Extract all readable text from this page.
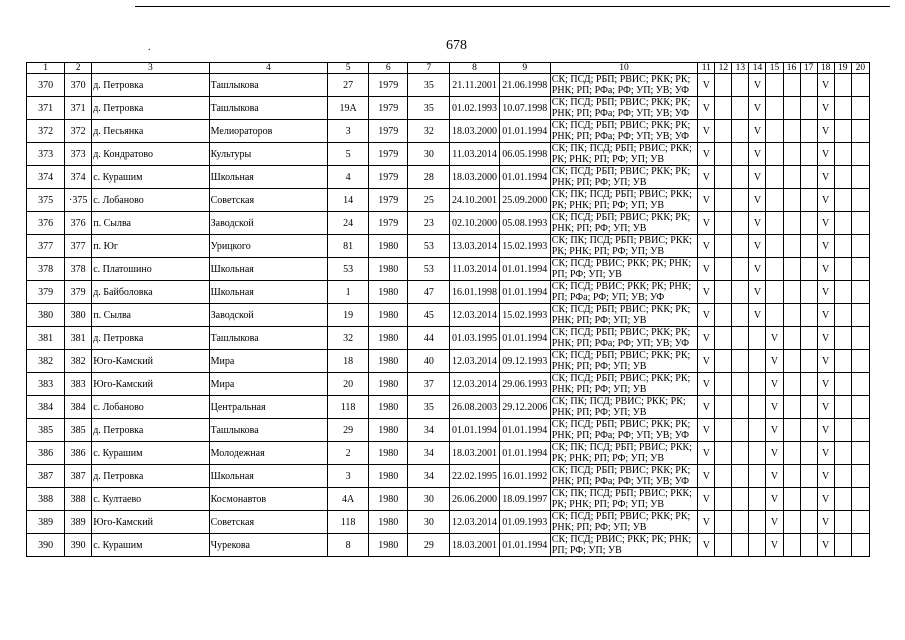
.	678
1	2	3	4	5	6	7	8	9	10	11	12	13	14	15	16	17	18	19	20
370	370	д. Петровка	Ташлыкова	27	1979	35	21.11.2001	21.06.1998	СК; ПСД; РБП; РВИС; РКК; РК; РНК; РП; РФа; РФ; УП; УВ; УФ	V			V				V		
371	371	д. Петровка	Ташлыкова	19А	1979	35	01.02.1993	10.07.1998	СК; ПСД; РБП; РВИС; РКК; РК; РНК; РП; РФа; РФ; УП; УВ; УФ	V			V				V		
372	372	д. Песьянка	Мелиораторов	3	1979	32	18.03.2000	01.01.1994	СК; ПСД; РБП; РВИС; РКК; РК; РНК; РП; РФа; РФ; УП; УВ; УФ	V			V				V		
373	373	д. Кондратово	Культуры	5	1979	30	11.03.2014	06.05.1998	СК; ПК; ПСД; РБП; РВИС; РКК; РК; РНК; РП; РФ; УП; УВ	V			V				V		
374	374	с. Курашим	Школьная	4	1979	28	18.03.2000	01.01.1994	СК; ПСД; РБП; РВИС; РКК; РК; РНК; РП; РФ; УП; УВ	V			V				V		
375	·375	с. Лобаново	Советская	14	1979	25	24.10.2001	25.09.2000	СК; ПК; ПСД; РБП; РВИС; РКК; РК; РНК; РП; РФ; УП; УВ	V			V				V		
376	376	п. Сылва	Заводской	24	1979	23	02.10.2000	05.08.1993	СК; ПСД; РБП; РВИС; РКК; РК; РНК; РП; РФ; УП; УВ	V			V				V		
377	377	п. Юг	Урицкого	81	1980	53	13.03.2014	15.02.1993	СК; ПК; ПСД; РБП; РВИС; РКК; РК; РНК; РП; РФ; УП; УВ	V			V				V		
378	378	с. Платошино	Школьная	53	1980	53	11.03.2014	01.01.1994	СК; ПСД; РВИС; РКК; РК; РНК; РП; РФ; УП; УВ	V			V				V		
379	379	д. Байболовка	Школьная	1	1980	47	16.01.1998	01.01.1994	СК; ПСД; РВИС; РКК; РК; РНК; РП; РФа; РФ; УП; УВ; УФ	V			V				V		
380	380	п. Сылва	Заводской	19	1980	45	12.03.2014	15.02.1993	СК; ПСД; РБП; РВИС; РКК; РК; РНК; РП; РФ; УП; УВ	V			V				V		
381	381	д. Петровка	Ташлыкова	32	1980	44	01.03.1995	01.01.1994	СК; ПСД; РБП; РВИС; РКК; РК; РНК; РП; РФа; РФ; УП; УВ; УФ	V				V			V		
382	382	Юго-Камский	Мира	18	1980	40	12.03.2014	09.12.1993	СК; ПСД; РБП; РВИС; РКК; РК; РНК; РП; РФ; УП; УВ	V				V			V		
383	383	Юго-Камский	Мира	20	1980	37	12.03.2014	29.06.1993	СК; ПСД; РБП; РВИС; РКК; РК; РНК; РП; РФ; УП; УВ	V				V			V		
384	384	с. Лобаново	Центральная	118	1980	35	26.08.2003	29.12.2006	СК; ПК; ПСД; РВИС; РКК; РК; РНК; РП; РФ; УП; УВ	V				V			V		
385	385	д. Петровка	Ташлыкова	29	1980	34	01.01.1994	01.01.1994	СК; ПСД; РБП; РВИС; РКК; РК; РНК; РП; РФа; РФ; УП; УВ; УФ	V				V			V		
386	386	с. Курашим	Молодежная	2	1980	34	18.03.2001	01.01.1994	СК; ПК; ПСД; РБП; РВИС; РКК; РК; РНК; РП; РФ; УП; УВ	V				V			V		
387	387	д. Петровка	Школьная	3	1980	34	22.02.1995	16.01.1992	СК; ПСД; РБП; РВИС; РКК; РК; РНК; РП; РФа; РФ; УП; УВ; УФ	V				V			V		
388	388	с. Култаево	Космонавтов	4А	1980	30	26.06.2000	18.09.1997	СК; ПК; ПСД; РБП; РВИС; РКК; РК; РНК; РП; РФ; УП; УВ	V				V			V		
389	389	Юго-Камский	Советская	118	1980	30	12.03.2014	01.09.1993	СК; ПСД; РБП; РВИС; РКК; РК; РНК; РП; РФ; УП; УВ	V				V			V		
390	390	с. Курашим	Чурекова	8	1980	29	18.03.2001	01.01.1994	СК; ПСД; РВИС; РКК; РК; РНК; РП; РФ; УП; УВ	V				V			V		
